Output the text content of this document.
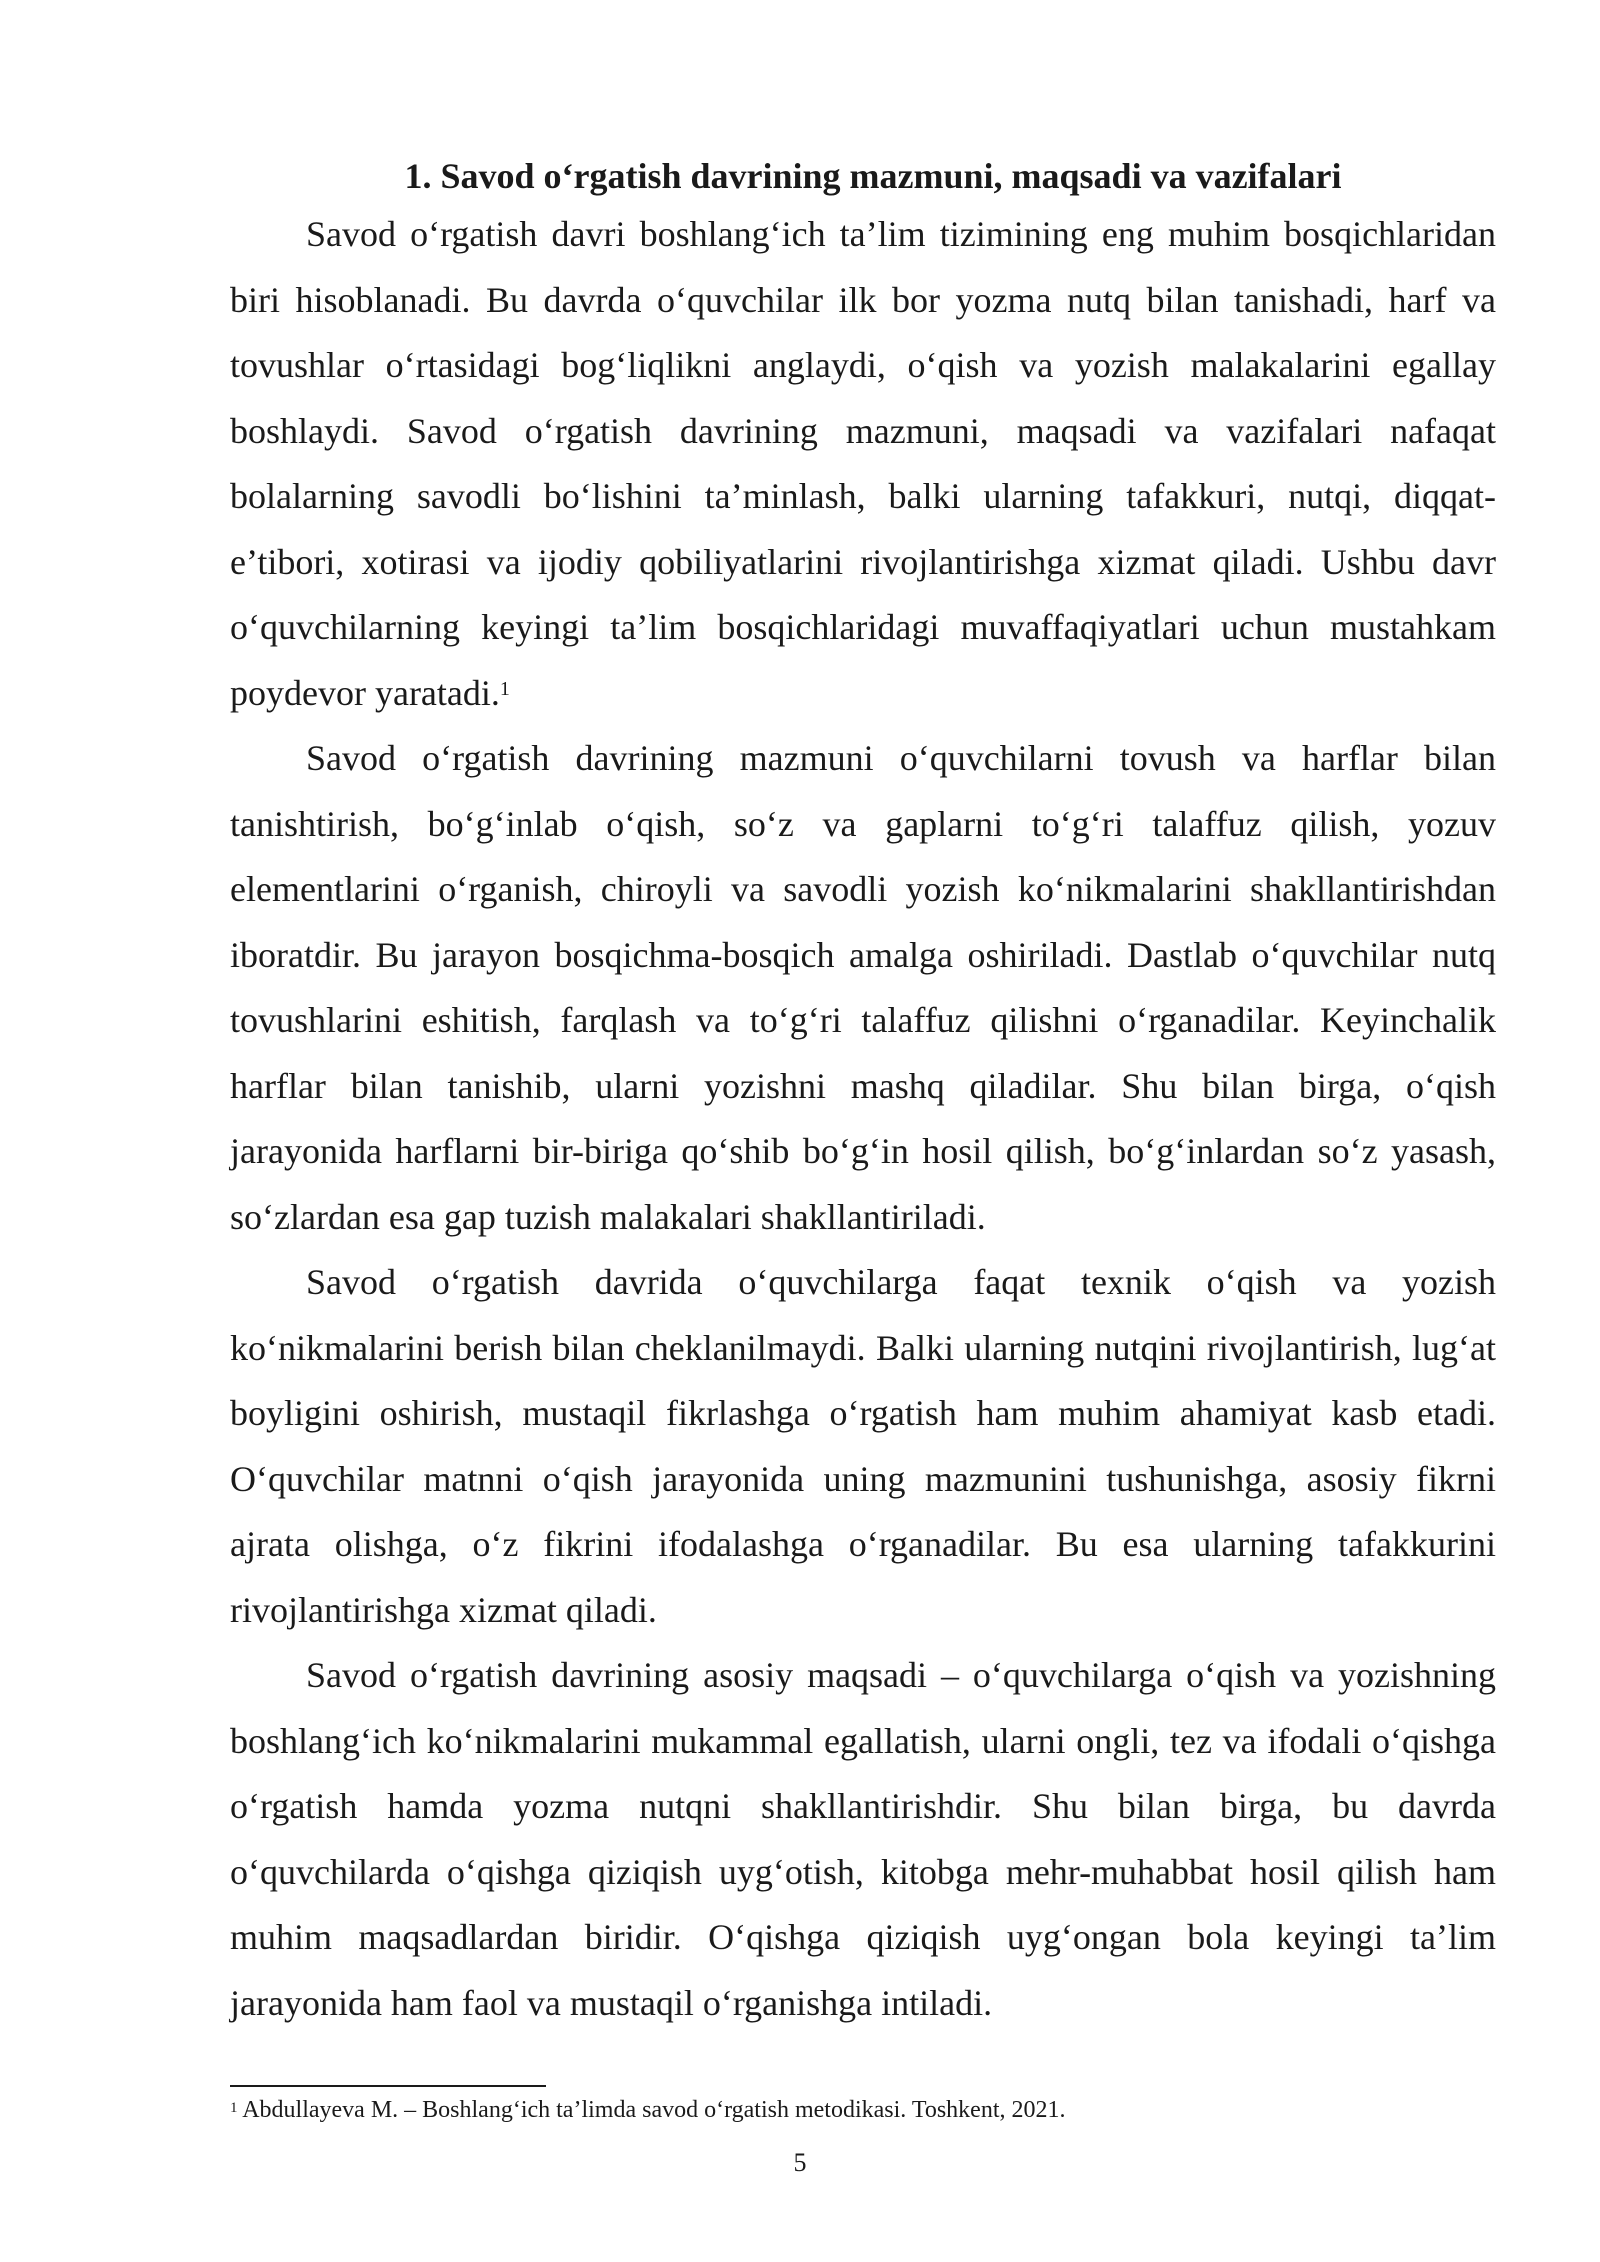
1. Savod o‘rgatish davrining mazmuni, maqsadi va vazifalari

Savod o‘rgatish davri boshlang‘ich ta’lim tizimining eng muhim bosqichlaridan biri hisoblanadi. Bu davrda o‘quvchilar ilk bor yozma nutq bilan tanishadi, harf va tovushlar o‘rtasidagi bog‘liqlikni anglaydi, o‘qish va yozish malakalarini egallay boshlaydi. Savod o‘rgatish davrining mazmuni, maqsadi va vazifalari nafaqat bolalarning savodli bo‘lishini ta’minlash, balki ularning tafakkuri, nutqi, diqqat-e’tibori, xotirasi va ijodiy qobiliyatlarini rivojlantirishga xizmat qiladi. Ushbu davr o‘quvchilarning keyingi ta’lim bosqichlaridagi muvaffaqiyatlari uchun mustahkam poydevor yaratadi.$^1$

Savod o‘rgatish davrining mazmuni o‘quvchilarni tovush va harflar bilan tanishtirish, bo‘g‘inlab o‘qish, so‘z va gaplarni to‘g‘ri talaffuz qilish, yozuv elementlarini o‘rganish, chiroyli va savodli yozish ko‘nikmalarini shakllantirishdan iboratdir. Bu jarayon bosqichma-bosqich amalga oshiriladi. Dastlab o‘quvchilar nutq tovushlarini eshitish, farqlash va to‘g‘ri talaffuz qilishni o‘rganadilar. Keyinchalik harflar bilan tanishib, ularni yozishni mashq qiladilar. Shu bilan birga, o‘qish jarayonida harflarni bir-biriga qo‘shib bo‘g‘in hosil qilish, bo‘g‘inlardan so‘z yasash, so‘zlardan esa gap tuzish malakalari shakllantiriladi.

Savod o‘rgatish davrida o‘quvchilarga faqat texnik o‘qish va yozish ko‘nikmalarini berish bilan cheklanilmaydi. Balki ularning nutqini rivojlantirish, lug‘at boyligini oshirish, mustaqil fikrlashga o‘rgatish ham muhim ahamiyat kasb etadi. O‘quvchilar matnni o‘qish jarayonida uning mazmunini tushunishga, asosiy fikrni ajrata olishga, o‘z fikrini ifodalashga o‘rganadilar. Bu esa ularning tafakkurini rivojlantirishga xizmat qiladi.

Savod o‘rgatish davrining asosiy maqsadi – o‘quvchilarga o‘qish va yozishning boshlang‘ich ko‘nikmalarini mukammal egallatish, ularni ongli, tez va ifodali o‘qishga o‘rgatish hamda yozma nutqni shakllantirishdir. Shu bilan birga, bu davrda o‘quvchilarda o‘qishga qiziqish uyg‘otish, kitobga mehr-muhabbat hosil qilish ham muhim maqsadlardan biridir. O‘qishga qiziqish uyg‘ongan bola keyingi ta’lim jarayonida ham faol va mustaqil o‘rganishga intiladi.

$^1$ Abdullayeva M. – Boshlang‘ich ta’limda savod o‘rgatish metodikasi. Toshkent, 2021.
5
